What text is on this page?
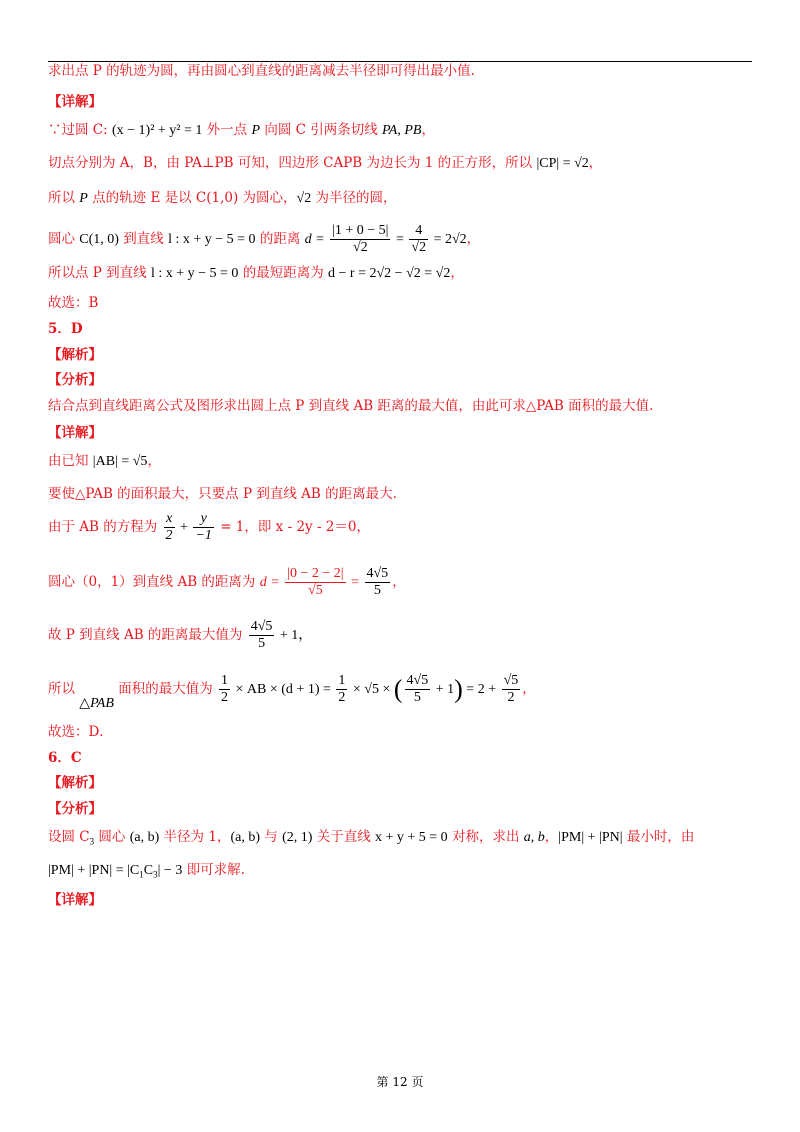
求出点 P 的轨迹为圆，再由圆心到直线的距离减去半径即可得出最小值.
【详解】
∵过圆 C: (x − 1)² + y² = 1 外一点 P 向圆 C 引两条切线 PA, PB，
切点分别为 A，B，由 PA⊥PB 可知，四边形 CAPB 为边长为 1 的正方形，所以 |CP| = √2，
所以 P 点的轨迹 E 是以 C(1,0) 为圆心，√2 为半径的圆，
圆心 C(1, 0) 到直线 l : x + y − 5 = 0 的距离 $d = \frac{|1 + 0 - 5|}{√2} = \frac{4}{√2} = 2√2$，
所以点 P 到直线 l : x + y − 5 = 0 的最短距离为 d − r = 2√2 − √2 = √2，
故选：B
5．D
【解析】
【分析】
结合点到直线距离公式及图形求出圆上点 P 到直线 AB 距离的最大值，由此可求△PAB 面积的最大值.
【详解】
由已知 |AB| = √5，
要使△PAB 的面积最大，只要点 P 到直线 AB 的距离最大.
由于 AB 的方程为 $\frac{x}{2} + \frac{y}{-1} = 1$，即 x - 2y - 2＝0，
圆心（0，1）到直线 AB 的距离为 $d = \frac{|0 - 2 - 2|}{√5} = \frac{4√5}{5}$ ，
故 P 到直线 AB 的距离最大值为 $\frac{4√5}{5} + 1$，
所以 △PAB 面积的最大值为 $\frac{1}{2}$ × AB × $(d + 1) = \frac{1}{2} \times √5$ × ( $\frac{4√5}{5} + 1) = 2 + \frac{√5}{2}$ ，
故选：D．
6．C
【解析】
【分析】
设圆 $C_3$ 圆心 (a, b) 半径为 1，(a, b) 与 (2, 1) 关于直线 x + y + 5 = 0 对称，求出 a, b，|PM| + |PN| 最小时，由
$|PM| + |PN| = |C_1C_3| - 3$ 即可求解.
【详解】
第 12 页
